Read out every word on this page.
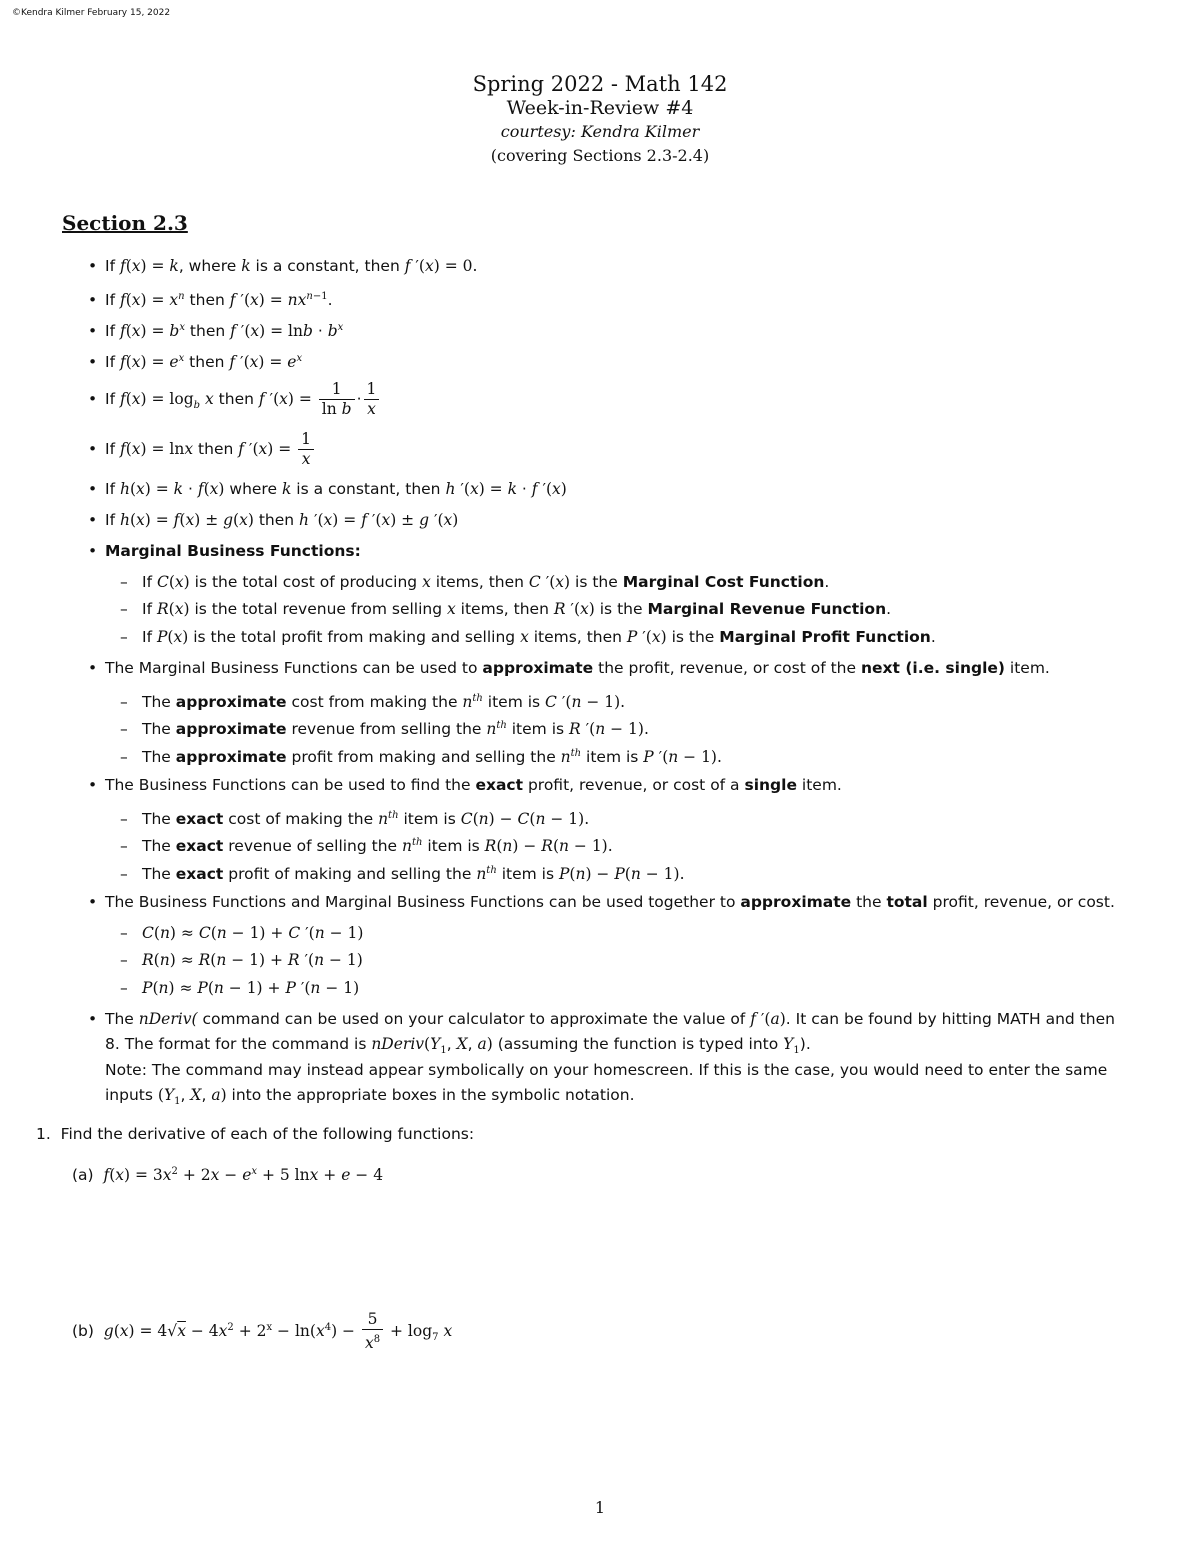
©Kendra Kilmer February 15, 2022
Spring 2022 - Math 142
Week-in-Review #4
courtesy: Kendra Kilmer
(covering Sections 2.3-2.4)
Section 2.3
• If f(x) = k, where k is a constant, then f ′(x) = 0.
• If $f(x) = x^n$ then f $'(x) = nx^{n-1}$.
• If $f(x) = b^x$ then f $'(x) = \ln b \cdot b^x$
• If $f(x) = e^x$ then f $'(x) = e^x$
• If $f(x) = \log_b x$ then f $'(x) = \frac{1}{\text{ln b}} \cdot \frac{1}{x}$
• If f(x) = lnx then f $'(x) = \frac{1}{x}$
• If h(x) = k · f(x) where k is a constant, then h ′(x) = k · f ′(x)
• If h(x) = f(x) ± g(x) then h ′(x) = f ′(x) ± g ′(x)
• Marginal Business Functions:
– If C(x) is the total cost of producing x items, then C ′(x) is the Marginal Cost Function.
– If R(x) is the total revenue from selling x items, then R ′(x) is the Marginal Revenue Function.
– If P(x) is the total profit from making and selling x items, then P ′(x) is the Marginal Profit Function.
• The Marginal Business Functions can be used to approximate the profit, revenue, or cost of the next (i.e. single) item.
– The approximate cost from making the $n^{th}$ item is C ′(n − 1).
– The approximate revenue from selling the $n^{th}$ item is R ′(n − 1).
– The approximate profit from making and selling the $n^{th}$ item is P ′(n − 1).
• The Business Functions can be used to find the exact profit, revenue, or cost of a single item.
– The exact cost of making the $n^{th}$ item is C(n) − C(n − 1).
– The exact revenue of selling the $n^{th}$ item is R(n) − R(n − 1).
– The exact profit of making and selling the $n^{th}$ item is P(n) − P(n − 1).
• The Business Functions and Marginal Business Functions can be used together to approximate the total profit, revenue, or cost.
– C(n) ≈ C(n − 1) + C ′(n − 1)
– R(n) ≈ R(n − 1) + R ′(n − 1)
– P(n) ≈ P(n − 1) + P ′(n − 1)
• The nDeriv( command can be used on your calculator to approximate the value of f ′(a). It can be found by hitting MATH and then
8. The format for the command is $nDeriv(Y_1$, X, a) (assuming the function is typed into $Y_1$).
Note: The command may instead appear symbolically on your homescreen. If this is the case, you would need to enter the same
inputs ($Y_1$, X, a) into the appropriate boxes in the symbolic notation.
1.  Find the derivative of each of the following functions:
(a)  $f(x) = 3x^2 + 2x - e^x + 5$ lnx + e − 4
(b)  $g(x) = 4√x - 4x^2 + 2^x - \ln(x^4) - \frac{5}{x^8} + \log_7 x$
1
